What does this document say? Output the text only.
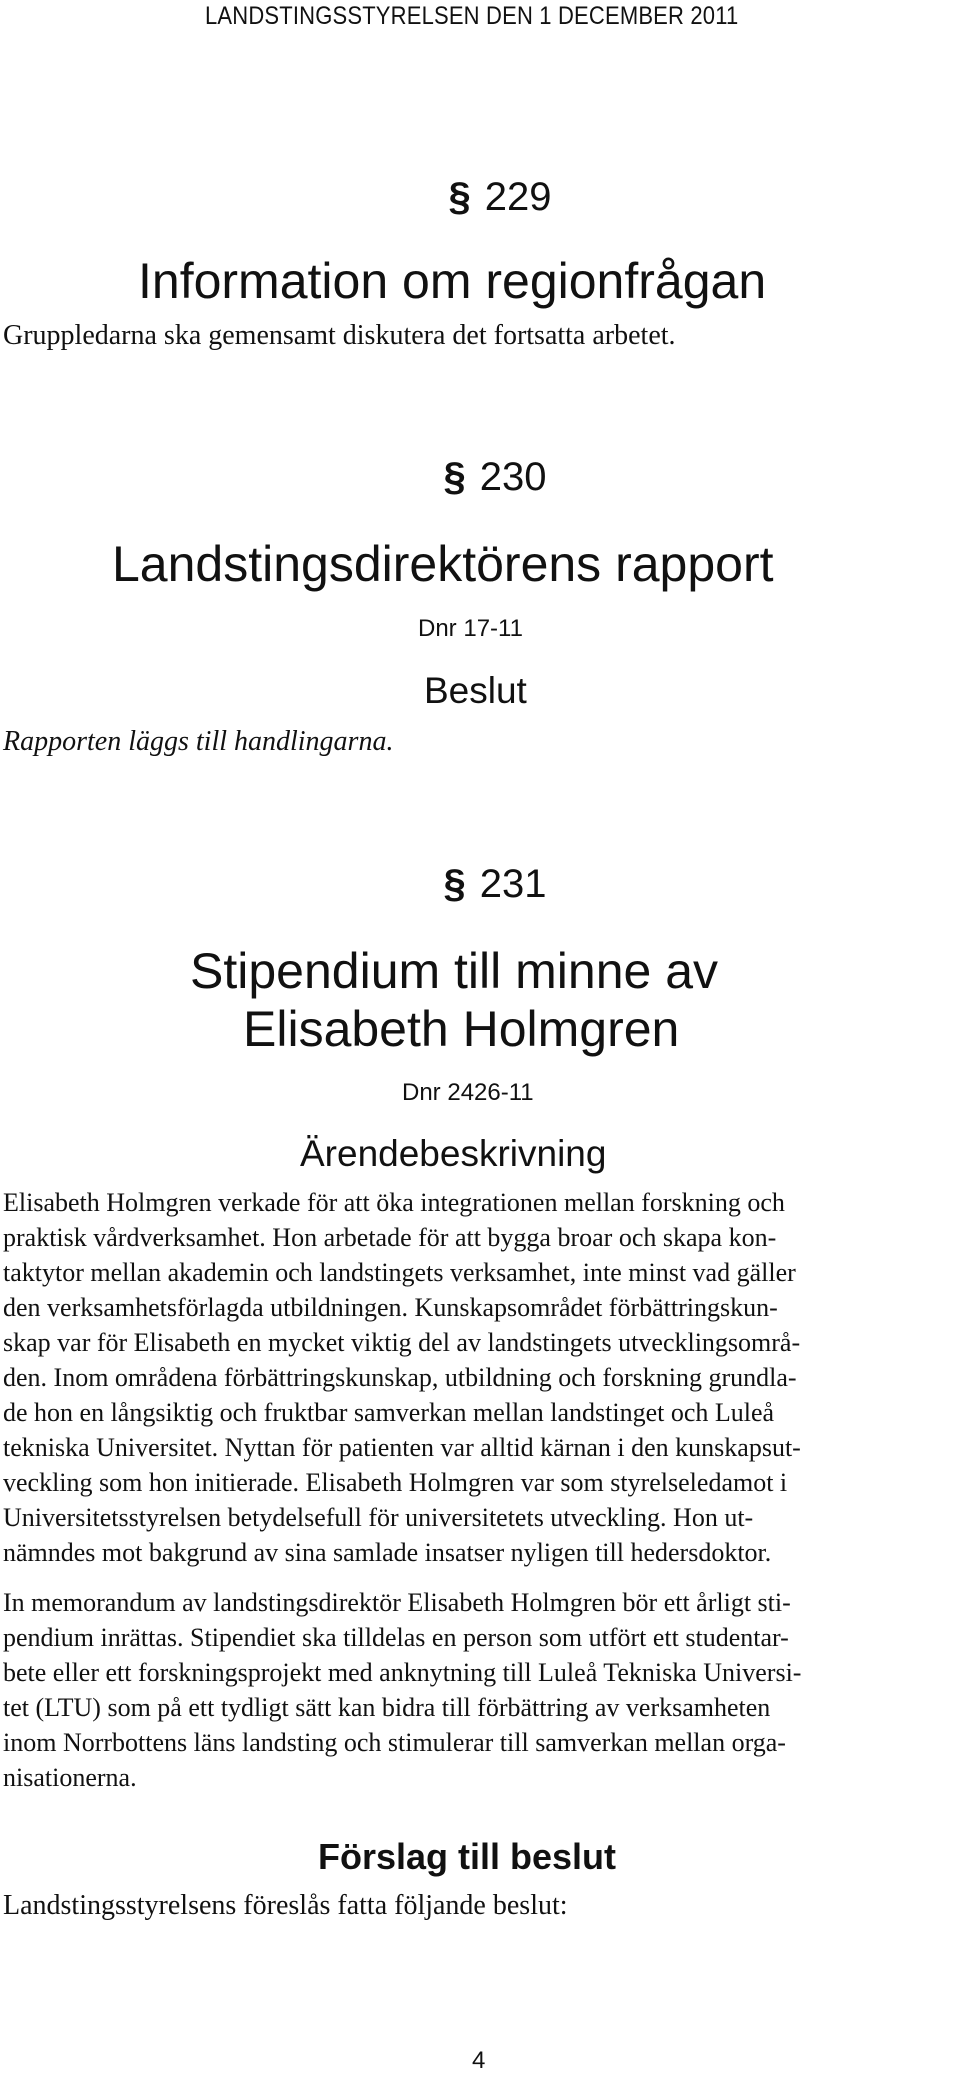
LANDSTINGSSTYRELSEN DEN 1 DECEMBER 2011
§ 229
Information om regionfrågan
Gruppledarna ska gemensamt diskutera det fortsatta arbetet.
§ 230
Landstingsdirektörens rapport
Dnr 17-11
Beslut
Rapporten läggs till handlingarna.
§ 231
Stipendium till minne av
Elisabeth Holmgren
Dnr 2426-11
Ärendebeskrivning
Elisabeth Holmgren verkade för att öka integrationen mellan forskning och
praktisk vårdverksamhet. Hon arbetade för att bygga broar och skapa kon-
taktytor mellan akademin och landstingets verksamhet, inte minst vad gäller
den verksamhetsförlagda utbildningen. Kunskapsområdet förbättringskun-
skap var för Elisabeth en mycket viktig del av landstingets utvecklingsområ-
den. Inom områdena förbättringskunskap, utbildning och forskning grundla-
de hon en långsiktig och fruktbar samverkan mellan landstinget och Luleå
tekniska Universitet. Nyttan för patienten var alltid kärnan i den kunskapsut-
veckling som hon initierade. Elisabeth Holmgren var som styrelseledamot i
Universitetsstyrelsen betydelsefull för universitetets utveckling. Hon ut-
nämndes mot bakgrund av sina samlade insatser nyligen till hedersdoktor.
In memorandum av landstingsdirektör Elisabeth Holmgren bör ett årligt sti-
pendium inrättas. Stipendiet ska tilldelas en person som utfört ett studentar-
bete eller ett forskningsprojekt med anknytning till Luleå Tekniska Universi-
tet (LTU) som på ett tydligt sätt kan bidra till förbättring av verksamheten
inom Norrbottens läns landsting och stimulerar till samverkan mellan orga-
nisationerna.
Förslag till beslut
Landstingsstyrelsens föreslås fatta följande beslut:
4
